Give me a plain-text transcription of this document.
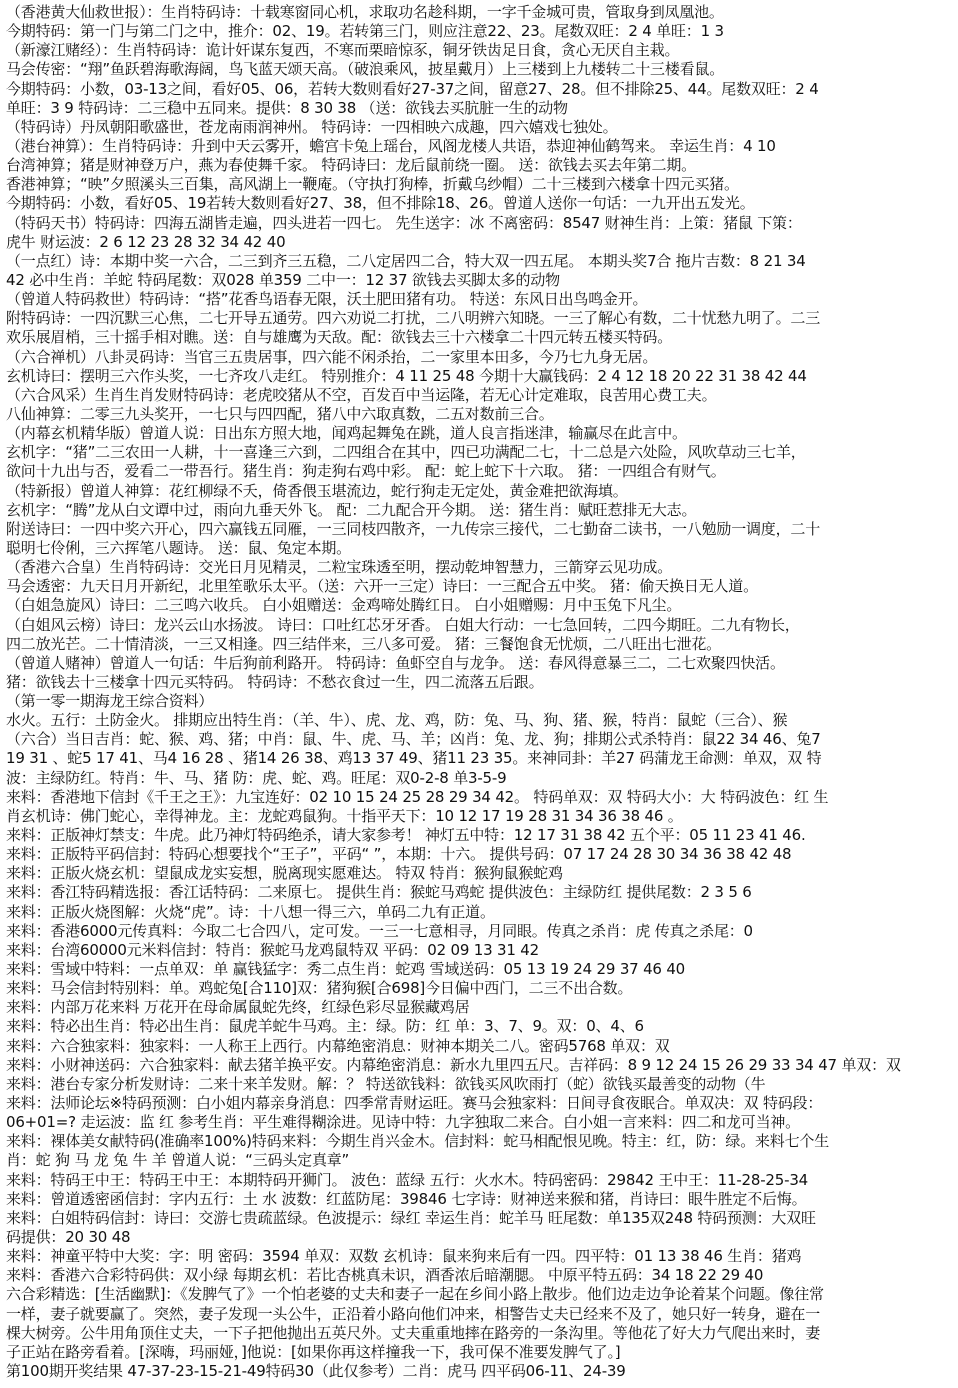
（香港黄大仙救世报）：生肖特码诗：十载寒窗同心机，求取功名趁科期，一字千金城可贵，管取身到凤凰池。
今期特码：第一门与第二门之中，推介：02、19。若转第三门，则应注意22、23。尾数双旺：2 4 单旺：1 3
（新濠江赌经）：生肖特码诗：诡计奸谋东复西，不寒而栗暗惊豕，铜牙铁齿足日食，贪心无厌自主栽。
马会传密：“翔”鱼跃碧海歌海阔，鸟飞蓝天颂天高。（破浪乘风，披星戴月）上三楼到上九楼转二十三楼看鼠。
今期特码：小数，03-13之间，看好05、06，若转大数则看好27-37之间，留意27、28。但不排除25、44。尾数双旺：2 4
单旺：3 9 特码诗：二三稳中五同来。提供：8 30 38 （送：欲钱去买肮脏一生的动物
（特码诗）丹凤朝阳歌盛世，苍龙南雨润神州。 特码诗：一四相映六成趣，四六嬉戏七独处。
（港台神算）：生肖特码诗：升到中天云雾开，蟾宫卡兔上瑶台，风阁龙楼人共语，恭迎神仙鹤驾来。 幸运生肖：4 10
台湾神算；猪是财神登万户，燕为春使舞千家。 特码诗曰：龙后鼠前绕一圈。 送：欲钱去买去年第二期。
香港神算；“映”夕照溪头三百集，高风湖上一鞭庵。（守执打狗棒，折戴乌纱帽）二十三楼到六楼拿十四元买猪。
今期特码：小数，看好05、19若转大数则看好27、38，但不排除18、26。曾道人送你一句话：一九开出五发光。
（特码天书）特码诗：四海五湖皆走遍，四头进若一四七。 先生送字：冰 不离密码：8547 财神生肖：上策：猪鼠 下策：
虎牛 财运波：2 6 12 23 28 32 34 42 40
（一点红）诗：本期中奖一六合，二三到齐三五稳，二八定居四二合，特大双一四五尾。 本期头奖7合 拖片吉数：8 21 34
42 必中生肖：羊蛇 特码尾数：双028 单359 二中一：12 37 欲钱去买脚太多的动物
（曾道人特码救世）特码诗：“搭”花香鸟语春无限，沃土肥田猪有功。 特送：东风日出鸟鸣金开。
附特码诗：一四沉默三心焦，二七开导五通劳。四六劝说二打扰，二八明辨六知晓。一三了解心有数，二十忧愁九明了。二三
欢乐展眉梢，三十摇手相对瞧。送：自与雄鹰为天敌。配：欲钱去三十六楼拿二十四元转五楼买特码。
（六合禅机）八卦灵码诗：当官三五贵居事，四六能不闲杀抬，二一家里本田多，今乃七九身无居。
玄机诗曰：摆明三六作头奖，一七齐攻八走红。 特别推介：4 11 25 48 今期十大赢钱码：2 4 12 18 20 22 31 38 42 44
（六合风采）生肖生肖发财特码诗：老虎咬猪从不空，百发百中当运隆，若无心计定难取，良苦用心费工夫。
八仙神算：二零三九头奖开，一七只与四四配，猪八中六取真数，二五对数前三合。
（内幕玄机精华版）曾道人说：日出东方照大地，闻鸡起舞兔在跳，道人良言指迷津，输赢尽在此言中。
玄机字：“猪”二三农田一人耕，十一喜逢三六到，二四组合在其中，四已功满配二七，十二总是六处险，风吹草动三七羊，
欲问十九出与否，爱看二一带吾行。猪生肖：狗走狗右鸡中彩。 配：蛇上蛇下十六取。 猪：一四组合有财气。
（特新报）曾道人神算：花红柳绿不夭，倚香偎玉堪流边，蛇行狗走无定处，黄金难把欲海填。
玄机字：“腾”龙从白文谭中过，雨向九垂天外飞。 配：二九配合开今期。 送：猪生肖：赋旺惹排无大志。
附送诗曰：一四中奖六开心，四六赢钱五同雁，一三同枝四散齐，一九传宗三接代，二七勤奋二读书，一八勉励一调度，二十
聪明七伶俐，三六挥笔八题诗。 送：鼠、兔定本期。
（香港六合皇）生肖特码诗：交光日月见精灵，二粒宝珠透至明，摆动乾坤智慧力，三箭穿云见功成。
马会透密：九天日月开新纪，北里笙歌乐太平。（送：六开一三定）诗曰：一三配合五中奖。 猪：偷天换日无人道。
（白姐急旋风）诗曰：二三鸣六收兵。 白小姐赠送：金鸡啼处腾红日。 白小姐赠赐：月中玉兔下凡尘。
（白姐风云榜）诗曰：龙兴云山水扬波。 诗曰：口吐红芯牙牙香。 白姐大行动：一七急回转，二四今期旺。二九有物长，
四二放光芒。二十情清淡，一三又相逢。四三结伴来，三八多可爱。 猪：三餐饱食无忧烦，二八旺出七泄花。
（曾道人赌神）曾道人一句话：牛后狗前利路开。 特码诗：鱼虾空自与龙争。 送：春风得意暴三二，二七欢聚四快活。
猪：欲钱去十三楼拿十四元买特码。 特码诗：不愁衣食过一生，四二流落五后跟。
（第一零一期海龙王综合资料）
水火。五行：土防金火。 排期应出特生肖：（羊、牛）、虎、龙、鸡，防：兔、马、狗、猪、猴，特肖：鼠蛇（三合）、猴
（六合）当日吉肖：蛇、猴、鸡、猪；中肖：鼠、牛、虎、马、羊；凶肖：兔、龙、狗；排期公式杀特肖：鼠22 34 46、兔7
19 31 、蛇5 17 41、马4 16 28 、猪14 26 38、鸡13 37 49、猪11 23 35。来神同卦：羊27 码蒲龙王命测：单双，双 特
波：主绿防红。特肖：牛、马、猪 防：虎、蛇、鸡。旺尾：双0-2-8 单3-5-9
来料：香港地下信封《千王之王》：九宝连好：02 10 15 24 25 28 29 34 42。 特码单双：双 特码大小：大 特码波色：红 生
肖玄机诗：佛门蛇心，幸得神龙。主：龙蛇鸡鼠狗。十指平天下：10 12 17 19 28 31 34 36 38 46 。
来料：正版神灯禁支：牛虎。此乃神灯特码绝杀，请大家参考！ 神灯五中特：12 17 31 38 42 五个平：05 11 23 41 46.
来料：正版特平码信封：特码心想要找个“王子”，平码“ ”，本期：十六。 提供号码：07 17 24 28 30 34 36 38 42 48
来料：正版火烧玄机：望鼠成龙实妄想，脱离现实愿难达。 特双 特肖：猴狗鼠猴蛇鸡
来料：香江特码精选报：香江话特码：二来原七。 提供生肖：猴蛇马鸡蛇 提供波色：主绿防红 提供尾数：2 3 5 6
来料：正版火烧图解：火烧“虎”。诗：十八想一得三六，单码二九有正道。
来料：香港6000元传真料：今取二七合四八，定可发。一三一七意相寻，月同眼。传真之杀肖：虎 传真之杀尾：0
来料：台湾60000元米料信封：特肖：猴蛇马龙鸡鼠特双 平码：02 09 13 31 42
来料：雪域中特料：一点单双：单 赢钱猛字：秀二点生肖：蛇鸡 雪域送码：05 13 19 24 29 37 46 40
来料：马会信封特别料：单。鸡蛇兔[合110]双：猪狗猴[合698]今日偏中西门，二三不出合数。
来料：内部万花来料 万花开在母命属鼠蛇先终，红绿色彩尽显猴藏鸡居
来料：特必出生肖：特必出生肖：鼠虎羊蛇牛马鸡。主：绿。防：红 单：3、7、9。双：0、4、6
来料：六合独家料：独家料：一人称王上西行。内幕绝密消息：财神本期关二八。密码5768 单双：双
来料：小财神送码：六合独家料：献去猪羊换平安。内幕绝密消息：新水九里四五尺。吉祥码：8 9 12 24 15 26 29 33 34 47 单双：双
来料：港台专家分析发财诗：二来十来羊发财。解：？ 特送欲钱料：欲钱买风吹雨打（蛇）欲钱买最善变的动物（牛
来料：法师论坛※特码预测：白小姐内幕亲身消息：四季常青财运旺。赛马会独家料：日间寻食夜眠合。单双决：双 特码段：
06+01=? 走运波：监 红 参考生肖：平生难得糊涂进。见诗中特：九字独取二来合。白小姐一言来料：四二和龙可当神。
来料：裸体美女献特码(准确率100%)特码来料：今期生肖兴金木。信封料：蛇马相配恨见晚。特主：红，防：绿。来料七个生
肖：蛇 狗 马 龙 兔 牛 羊 曾道人说：“三码头定真章”
来料：特码王中王：特码王中王：本期特码开狮门。 波色：蓝绿 五行：火水木。特码密码：29842 王中王：11-28-25-34
来料：曾道透密函信封：字内五行：土 水 波数：红蓝防尾：39846 七字诗：财神送来猴和猪，肖诗曰：眼牛胜定不后悔。
来料：白姐特码信封：诗曰：交游七贵疏蓝绿。色波提示：绿红 幸运生肖：蛇羊马 旺尾数：单135双248 特码预测：大双旺
码提供：20 30 48
来料：神童平特中大奖：字：明 密码：3594 单双：双数 玄机诗：鼠来狗来后有一四。四平特：01 13 38 46 生肖：猪鸡
来料：香港六合彩特码供：双小绿 每期玄机：若比杏桃真未识，酒香浓后暗潮腮。 中原平特五码：34 18 22 29 40
六合彩精选：[生活幽默]：《发脾气了》一个怕老婆的丈夫和妻子一起在乡间小路上散步。他们边走边争论着某个问题。像往常
一样，妻子就要赢了。突然，妻子发现一头公牛，正沿着小路向他们冲来，相警告丈夫已经来不及了，她只好一转身，避在一
棵大树旁。公牛用角顶住丈夫，一下子把他抛出五英尺外。丈夫重重地摔在路旁的一条沟里。等他花了好大力气爬出来时，妻
子正站在路旁看着。[深嗨，玛丽娅，]他说：[如果你再这样撞我一下，我可保不准要发脾气了。]
第100期开奖结果 47-37-23-15-21-49特码30（此仅参考）二肖：虎马 四平码06-11、24-39
